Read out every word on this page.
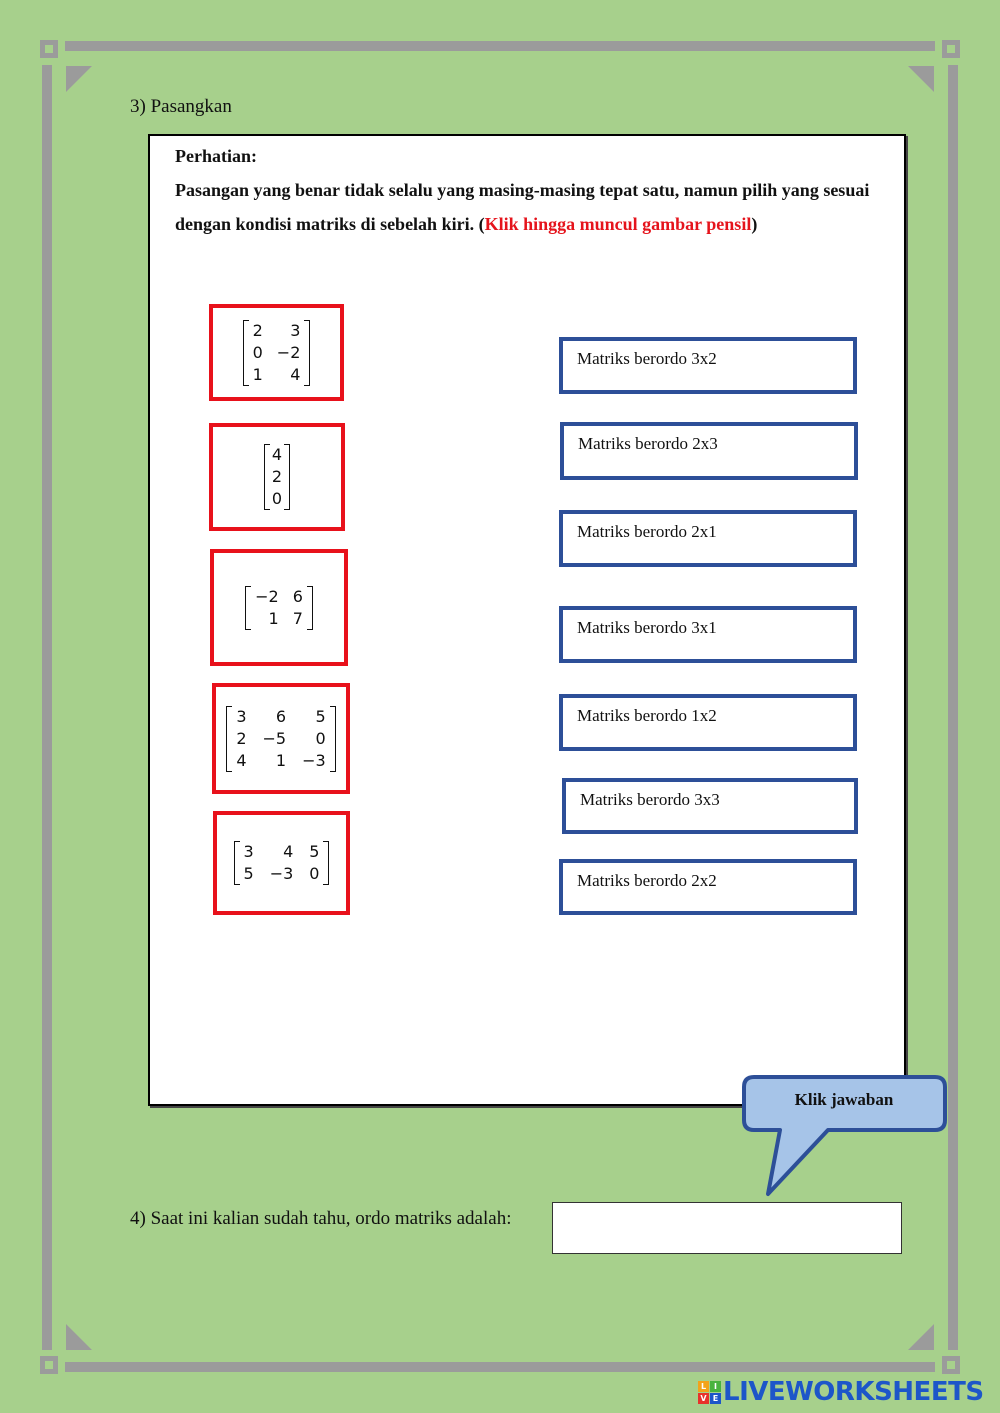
3) Pasangkan
Perhatian:
Pasangan yang benar tidak selalu yang masing-masing tepat satu, namun pilih yang sesuai dengan kondisi matriks di sebelah kiri. (Klik hingga muncul gambar pensil)
2	3
0 −2
1	4
4
2
0
−2 6
1 7
3	6	5
2 −5	0
4	1 −3
3	4 5
5 −3 0
Matriks berordo 3x2
Matriks berordo 2x3
Matriks berordo 2x1
Matriks berordo 3x1
Matriks berordo 1x2
Matriks berordo 3x3
Matriks berordo 2x2
Klik jawaban
4) Saat ini kalian sudah tahu, ordo matriks adalah:
L I
V E LIVEWORKSHEETS
